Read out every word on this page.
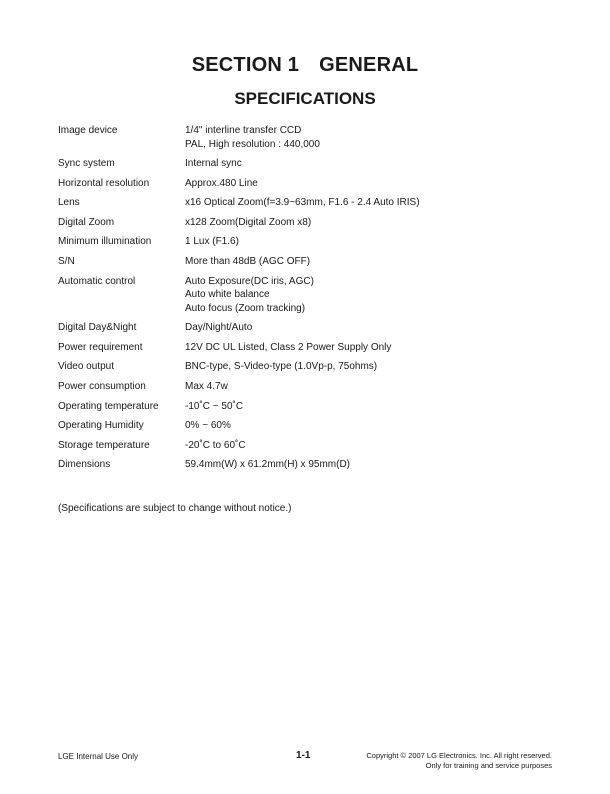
SECTION 1 GENERAL
SPECIFICATIONS
Image device	1/4" interline transfer CCD
PAL, High resolution : 440,000
Sync system	Internal sync
Horizontal resolution	Approx.480 Line
Lens	x16 Optical Zoom(f=3.9~63mm, F1.6 - 2.4 Auto IRIS)
Digital Zoom	x128 Zoom(Digital Zoom x8)
Minimum illumination	1 Lux (F1.6)
S/N	More than 48dB (AGC OFF)
Automatic control	Auto Exposure(DC iris, AGC)
Auto white balance
Auto focus (Zoom tracking)
Digital Day&Night	Day/Night/Auto
Power requirement	12V DC UL Listed, Class 2 Power Supply Only
Video output	BNC-type, S-Video-type (1.0Vp-p, 75ohms)
Power consumption	Max 4.7w
Operating temperature	-10˚C ~ 50˚C
Operating Humidity	0% ~ 60%
Storage temperature	-20˚C to 60˚C
Dimensions	59.4mm(W) x 61.2mm(H) x 95mm(D)
(Specifications are subject to change without notice.)
LGE Internal Use Only	1-1	Copyright © 2007 LG Electronics. Inc. All right reserved.
Only for training and service purposes
